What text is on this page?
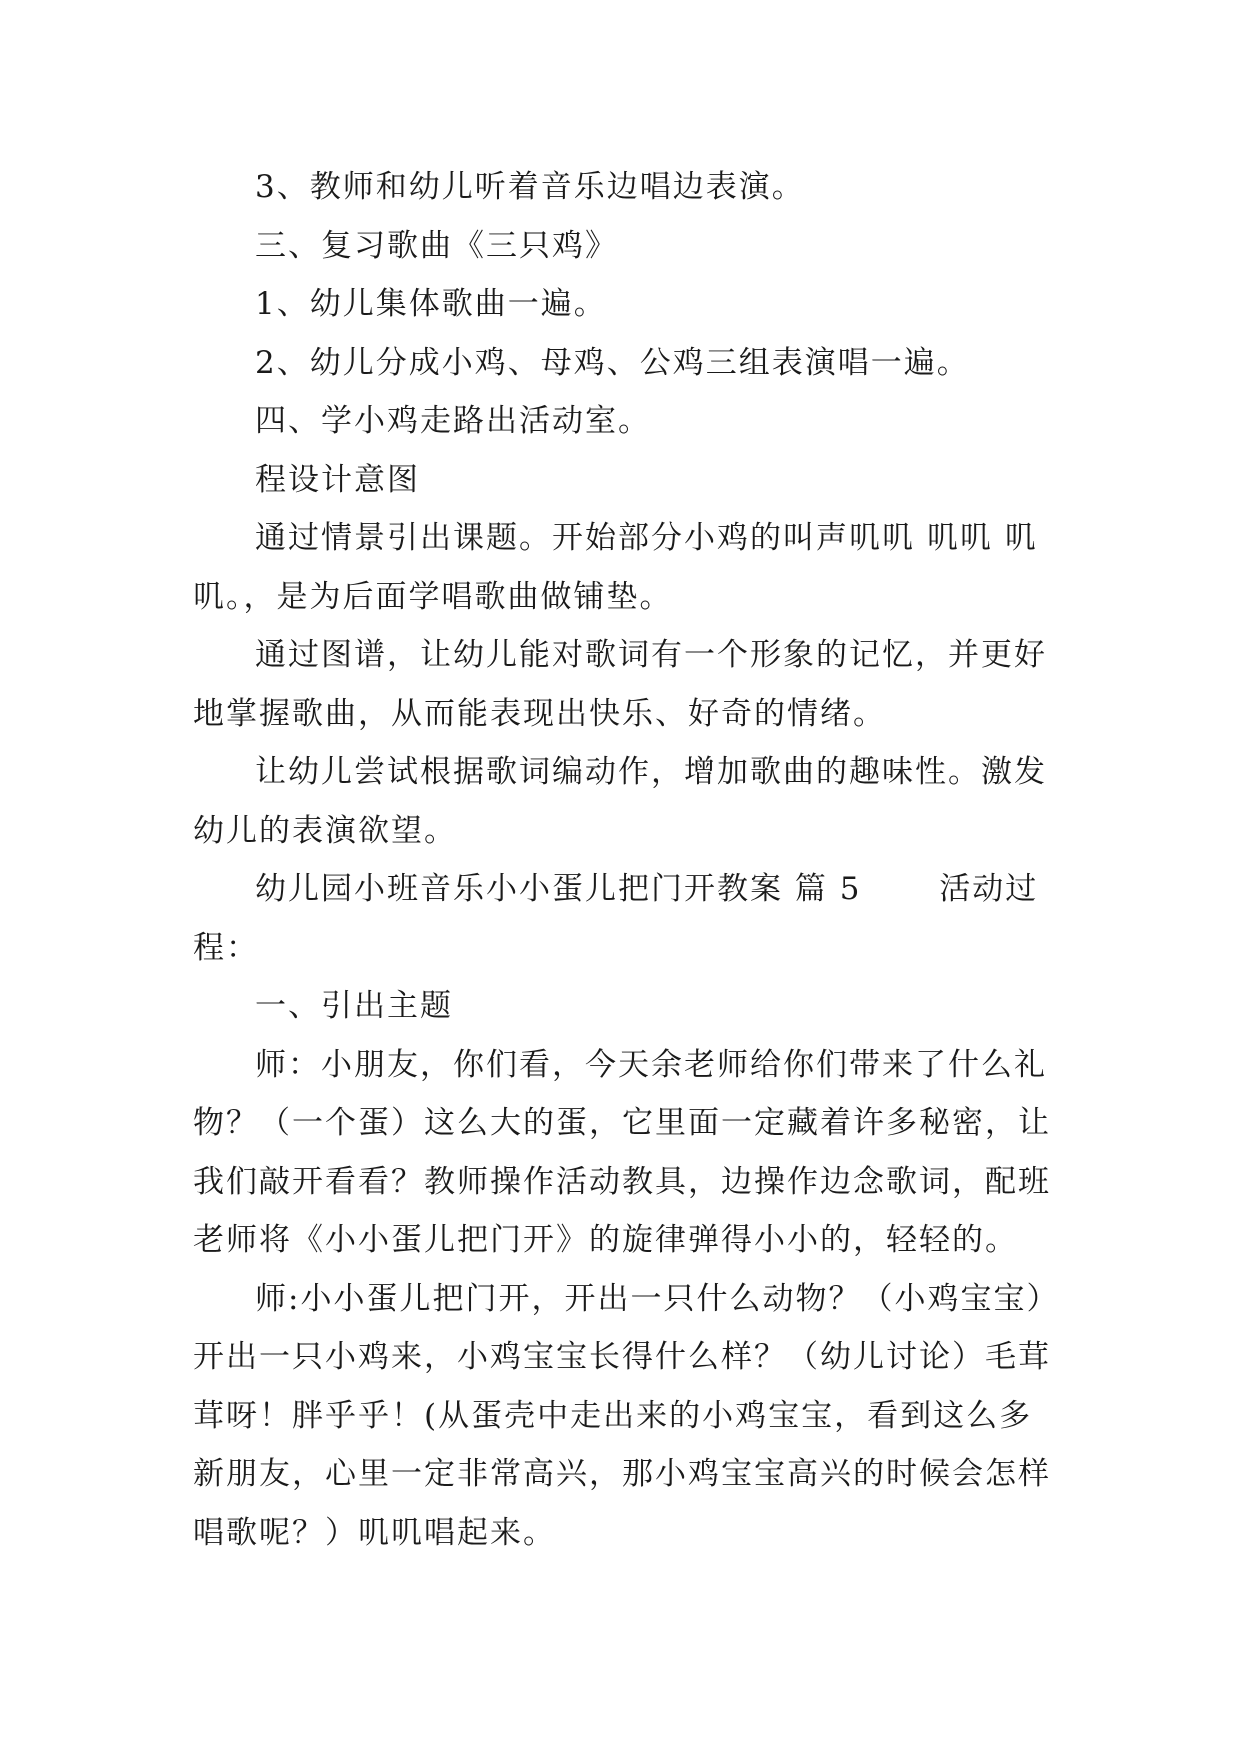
3、教师和幼儿听着音乐边唱边表演。

三、复习歌曲《三只鸡》

1、幼儿集体歌曲一遍。

2、幼儿分成小鸡、母鸡、公鸡三组表演唱一遍。

四、学小鸡走路出活动室。

程设计意图

通过情景引出课题。开始部分小鸡的叫声叽叽 叽叽 叽
叽。，是为后面学唱歌曲做铺垫。

通过图谱，让幼儿能对歌词有一个形象的记忆，并更好
地掌握歌曲，从而能表现出快乐、好奇的情绪。

让幼儿尝试根据歌词编动作，增加歌曲的趣味性。激发
幼儿的表演欲望。

幼儿园小班音乐小小蛋儿把门开教案 篇 5　　 活动过
程：

一、引出主题

师：小朋友，你们看，今天余老师给你们带来了什么礼
物？（一个蛋）这么大的蛋，它里面一定藏着许多秘密，让
我们敲开看看？教师操作活动教具，边操作边念歌词，配班
老师将《小小蛋儿把门开》的旋律弹得小小的，轻轻的。

师:小小蛋儿把门开，开出一只什么动物？（小鸡宝宝）
开出一只小鸡来，小鸡宝宝长得什么样？（幼儿讨论）毛茸
茸呀！胖乎乎！(从蛋壳中走出来的小鸡宝宝，看到这么多
新朋友，心里一定非常高兴，那小鸡宝宝高兴的时候会怎样
唱歌呢？）叽叽唱起来。
